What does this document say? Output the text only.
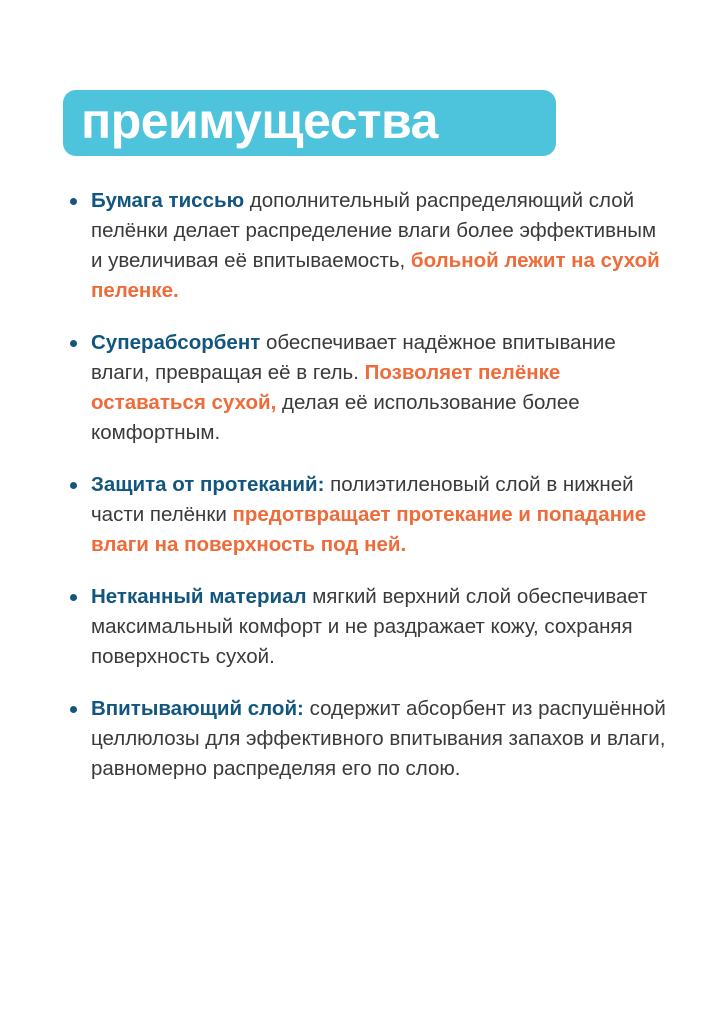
преимущества
Бумага тиссью дополнительный распределяющий слой пелёнки делает распределение влаги более эффективным и увеличивая её впитываемость, больной лежит на сухой пеленке.
Суперабсорбент обеспечивает надёжное впитывание влаги, превращая её в гель. Позволяет пелёнке оставаться сухой, делая её использование более комфортным.
Защита от протеканий: полиэтиленовый слой в нижней части пелёнки предотвращает протекание и попадание влаги на поверхность под ней.
Нетканный материал мягкий верхний слой обеспечивает максимальный комфорт и не раздражает кожу, сохраняя поверхность сухой.
Впитывающий слой: содержит абсорбент из распушённой целлюлозы для эффективного впитывания запахов и влаги, равномерно распределяя его по слою.
